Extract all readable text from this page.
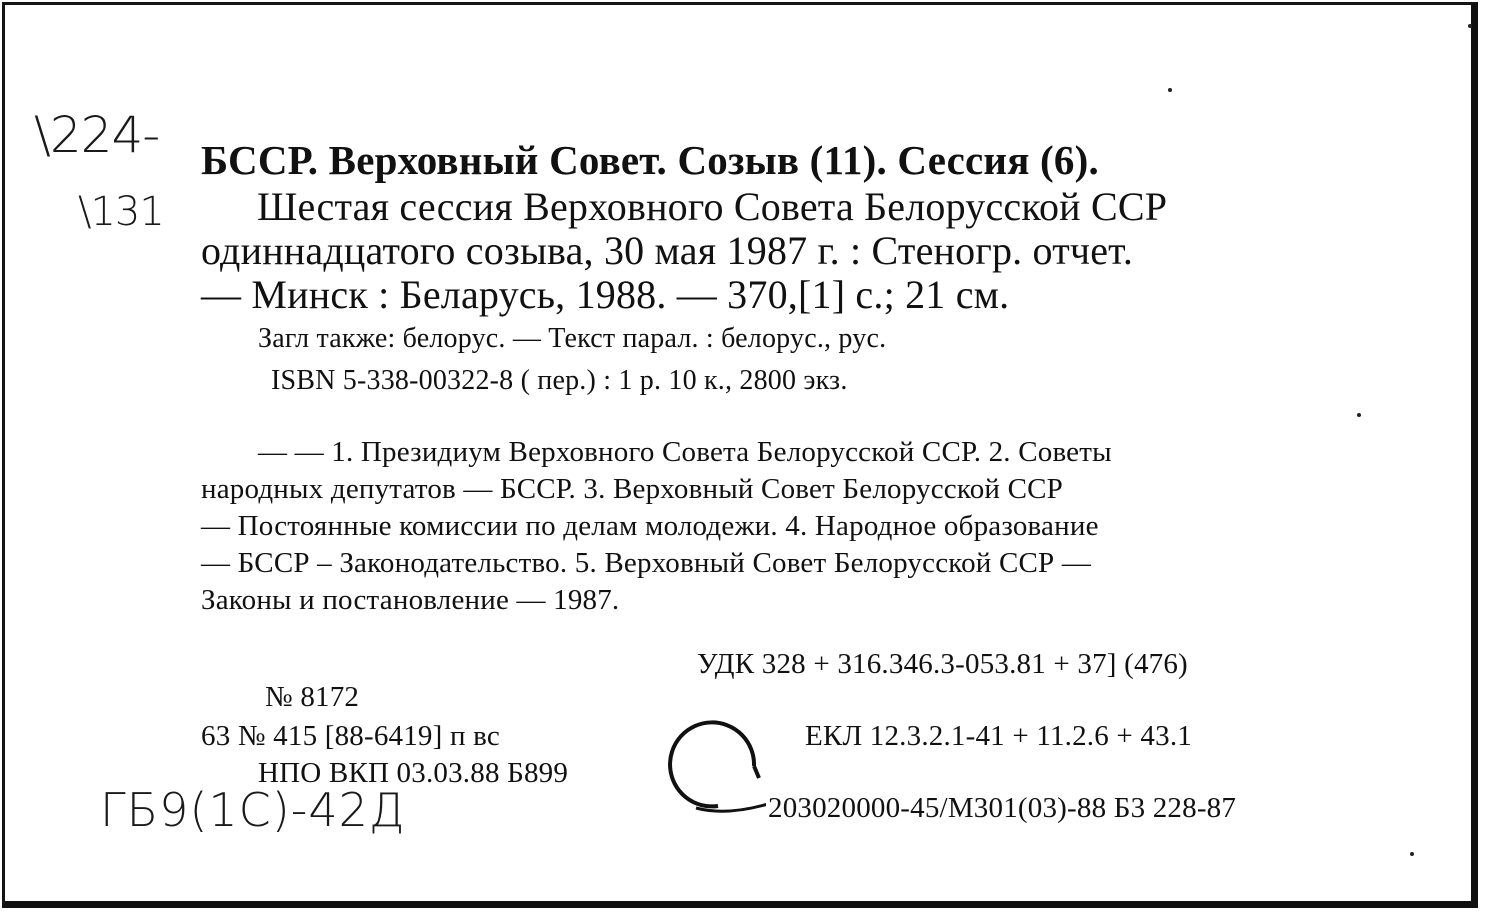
\224-
\131
БССР. Верховный Совет. Созыв (11). Сессия (6).
Шестая сессия Верховного Совета Белорусской ССР
одиннадцатого созыва, 30 мая 1987 г. : Стеногр. отчет.
— Минск : Беларусь, 1988. — 370,[1] с.; 21 см.
Загл также: белорус. — Текст парал. : белорус., рус.
ISBN 5-338-00322-8 ( пер.) : 1 р. 10 к., 2800 экз.
— — 1. Президиум Верховного Совета Белорусской ССР. 2. Советы
народных депутатов — БССР. 3. Верховный Совет Белорусской ССР
— Постоянные комиссии по делам молодежи. 4. Народное образование
— БССР – Законодательство. 5. Верховный Совет Белорусской ССР —
Законы и постановление — 1987.
УДК 328 + 316.346.3-053.81 + 37] (476)
№ 8172
63 № 415 [88-6419] п вс	ЕКЛ 12.3.2.1-41 + 11.2.6 + 43.1
НПО ВКП 03.03.88 Б899
203020000-45/М301(03)-88 Б3 228-87
ГБ9(1С)-42Д
